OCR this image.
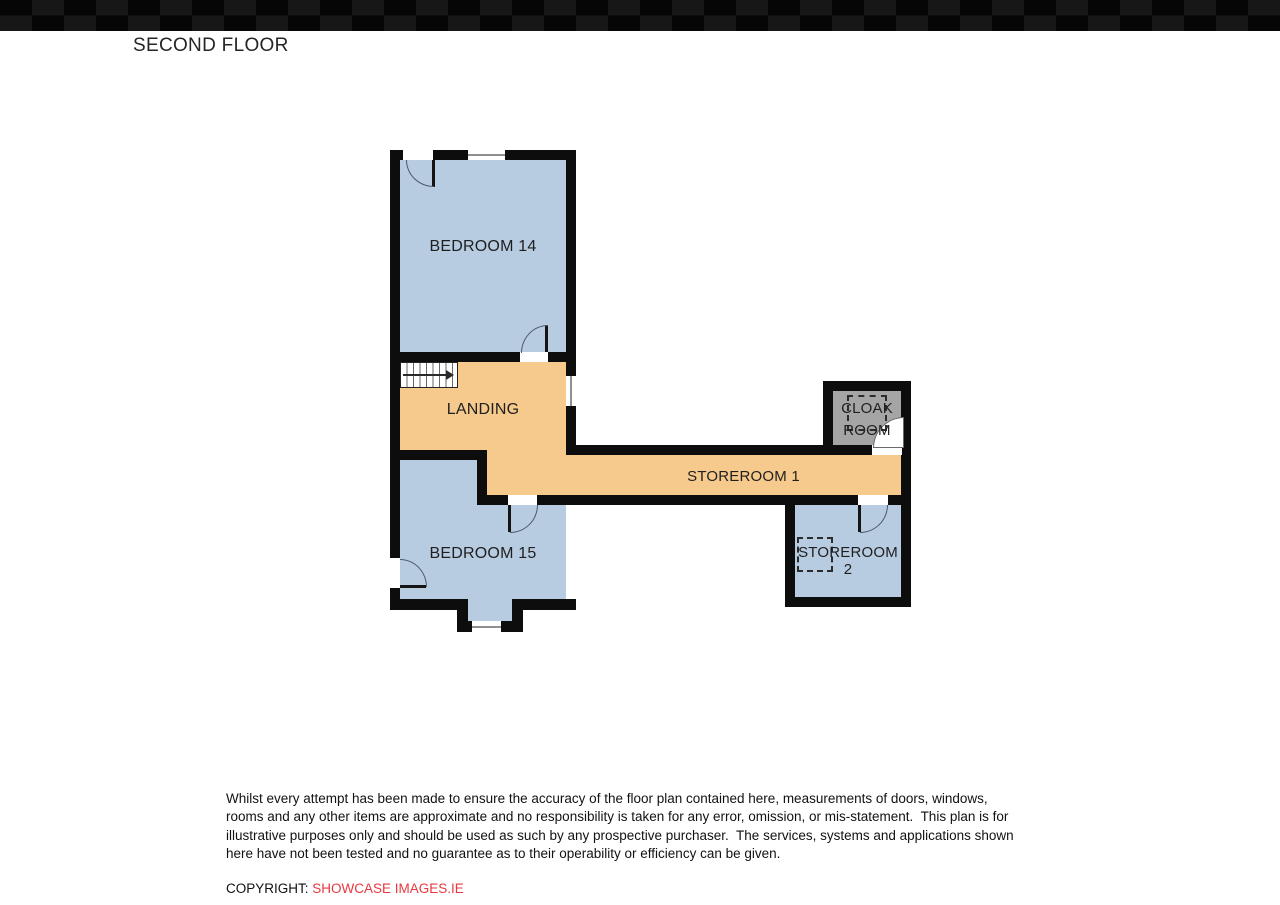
SECOND FLOOR
BEDROOM 14
LANDING
STOREROOM 1
CLOAK ROOM
BEDROOM 15	STOREROOM 2
Whilst every attempt has been made to ensure the accuracy of the floor plan contained here, measurements of doors, windows,
rooms and any other items are approximate and no responsibility is taken for any error, omission, or mis-statement.  This plan is for
illustrative purposes only and should be used as such by any prospective purchaser.  The services, systems and applications shown
here have not been tested and no guarantee as to their operability or efficiency can be given.
COPYRIGHT: SHOWCASE IMAGES.IE
